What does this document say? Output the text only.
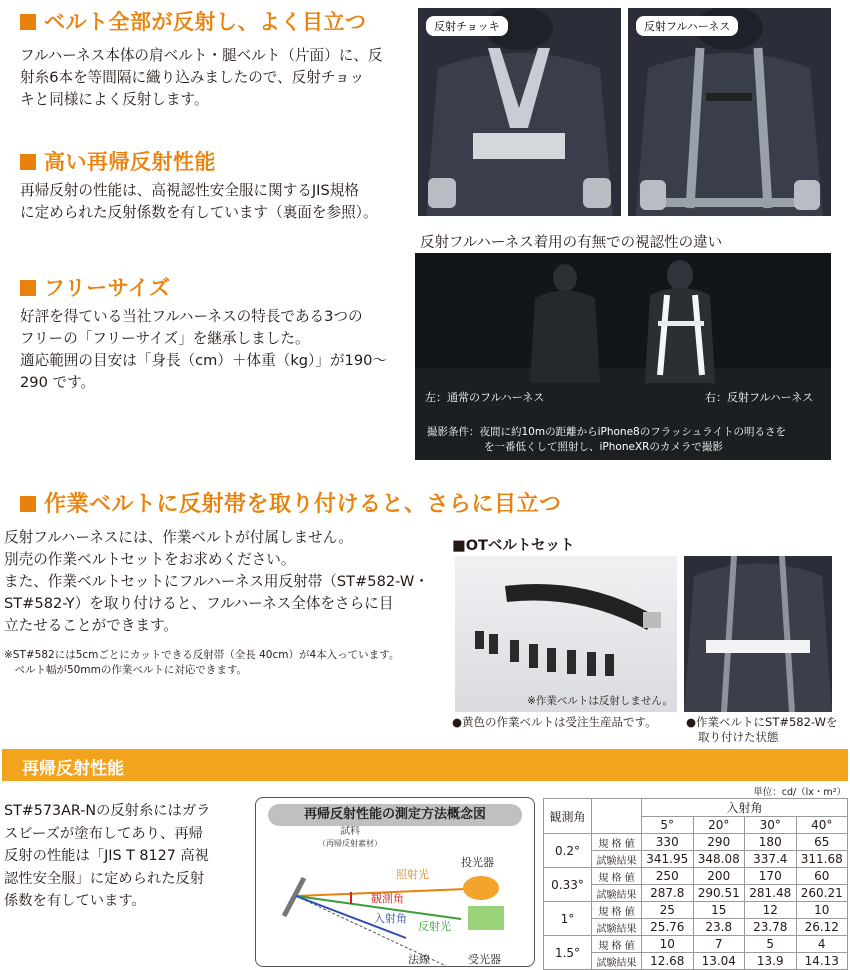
ベルト全部が反射し、よく目立つ
フルハーネス本体の肩ベルト・腿ベルト（片面）に、反
射糸6本を等間隔に織り込みましたので、反射チョッ
キと同様によく反射します。
高い再帰反射性能
再帰反射の性能は、高視認性安全服に関するJIS規格
に定められた反射係数を有しています（裏面を参照）。
フリーサイズ
好評を得ている当社フルハーネスの特長である3つの
フリーの「フリーサイズ」を継承しました。
適応範囲の目安は「身長（cm）＋体重（kg）」が190〜
290 です。
反射チョッキ	反射フルハーネス
反射フルハーネス着用の有無での視認性の違い
左：通常のフルハーネス	右：反射フルハーネス
撮影条件：夜間に約10mの距離からiPhone8のフラッシュライトの明るさを
を一番低くして照射し、iPhoneXRのカメラで撮影
作業ベルトに反射帯を取り付けると、さらに目立つ
反射フルハーネスには、作業ベルトが付属しません。
別売の作業ベルトセットをお求めください。
また、作業ベルトセットにフルハーネス用反射帯（ST#582-W・
ST#582-Y）を取り付けると、フルハーネス全体をさらに目
立たせることができます。
※ST#582には5cmごとにカットできる反射帯（全長 40cm）が4本入っています。
　ベルト幅が50mmの作業ベルトに対応できます。
■OTベルトセット
※作業ベルトは反射しません。
●黄色の作業ベルトは受注生産品です。	●作業ベルトにST#582-Wを
取り付けた状態
再帰反射性能
ST#573AR-Nの反射糸にはガラ
スビーズが塗布してあり、再帰
反射の性能は「JIS T 8127 高視
認性安全服」に定められた反射
係数を有しています。
再帰反射性能の測定方法概念図
試料
（再帰反射素材）
照射光
観測角
入射角
反射光
法線
投光器
受光器
単位：cd/（lx・m²）
観測角		入射角			
		5°	20°	30°	40°
0.2°	規 格 値	330	290	180	65
	試験結果	341.95	348.08	337.4	311.68
0.33°	規 格 値	250	200	170	60
	試験結果	287.8	290.51	281.48	260.21
1°	規 格 値	25	15	12	10
	試験結果	25.76	23.8	23.78	26.12
1.5°	規 格 値	10	7	5	4
	試験結果	12.68	13.04	13.9	14.13
